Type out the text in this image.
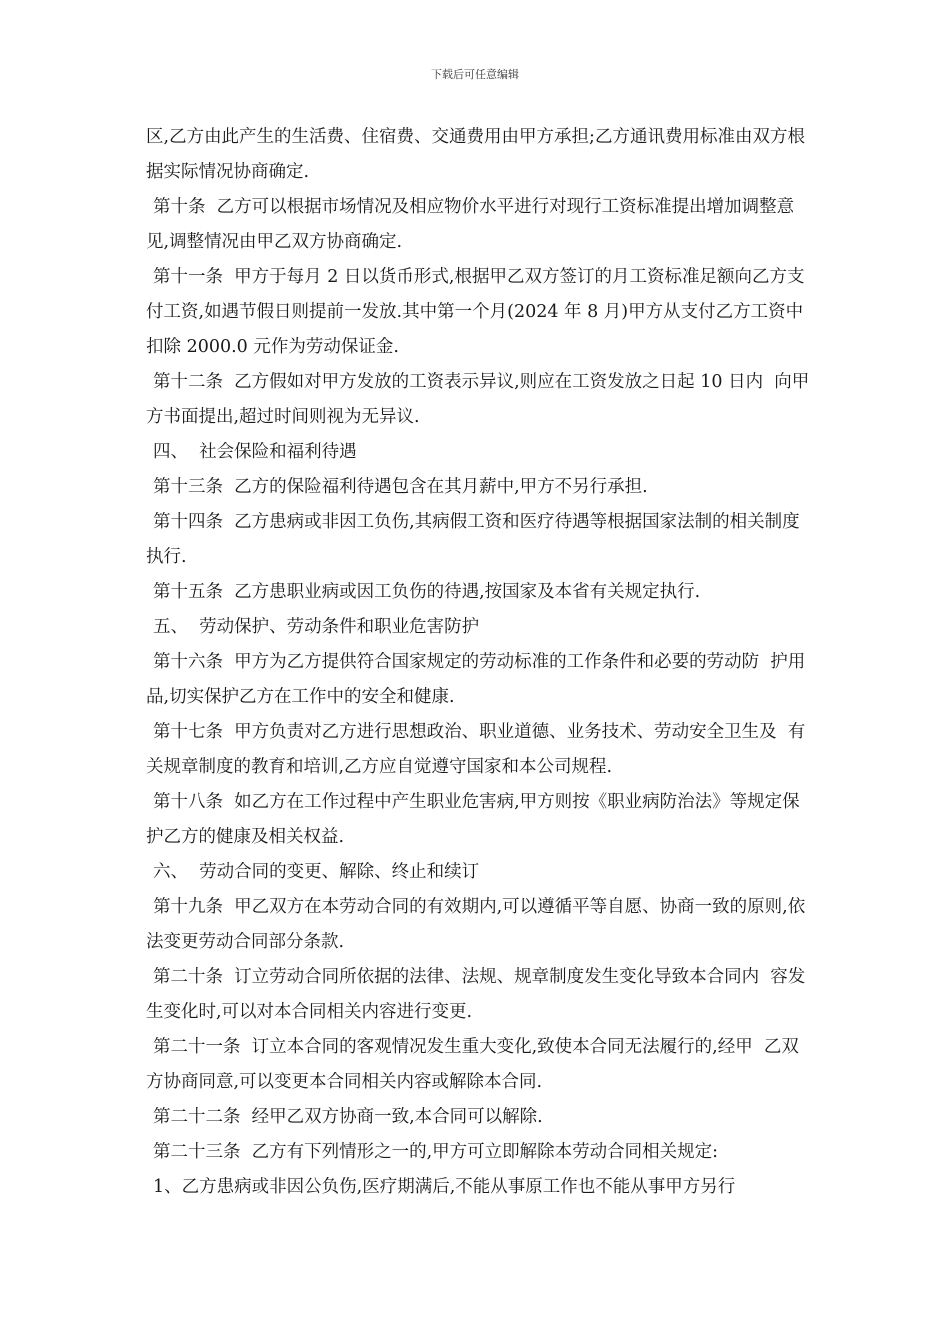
下载后可任意编辑

区,乙方由此产生的生活费、住宿费、交通费用由甲方承担;乙方通讯费用标准由双方根据实际情况协商确定.

第十条  乙方可以根据市场情况及相应物价水平进行对现行工资标准提出增加调整意见,调整情况由甲乙双方协商确定.

第十一条  甲方于每月 2 日以货币形式,根据甲乙双方签订的月工资标准足额向乙方支付工资,如遇节假日则提前一发放.其中第一个月(2024 年 8 月)甲方从支付乙方工资中扣除 2000.0 元作为劳动保证金.

第十二条  乙方假如对甲方发放的工资表示异议,则应在工资发放之日起 10 日内  向甲方书面提出,超过时间则视为无异议.

四、  社会保险和福利待遇

第十三条  乙方的保险福利待遇包含在其月薪中,甲方不另行承担.

第十四条  乙方患病或非因工负伤,其病假工资和医疗待遇等根据国家法制的相关制度执行.

第十五条  乙方患职业病或因工负伤的待遇,按国家及本省有关规定执行.

五、  劳动保护、劳动条件和职业危害防护

第十六条  甲方为乙方提供符合国家规定的劳动标准的工作条件和必要的劳动防  护用品,切实保护乙方在工作中的安全和健康.

第十七条  甲方负责对乙方进行思想政治、职业道德、业务技术、劳动安全卫生及  有关规章制度的教育和培训,乙方应自觉遵守国家和本公司规程.

第十八条  如乙方在工作过程中产生职业危害病,甲方则按《职业病防治法》等规定保护乙方的健康及相关权益.

六、  劳动合同的变更、解除、终止和续订

第十九条  甲乙双方在本劳动合同的有效期内,可以遵循平等自愿、协商一致的原则,依法变更劳动合同部分条款.

第二十条  订立劳动合同所依据的法律、法规、规章制度发生变化导致本合同内  容发生变化时,可以对本合同相关内容进行变更.

第二十一条  订立本合同的客观情况发生重大变化,致使本合同无法履行的,经甲  乙双方协商同意,可以变更本合同相关内容或解除本合同.

第二十二条  经甲乙双方协商一致,本合同可以解除.

第二十三条  乙方有下列情形之一的,甲方可立即解除本劳动合同相关规定:

1、乙方患病或非因公负伤,医疗期满后,不能从事原工作也不能从事甲方另行
